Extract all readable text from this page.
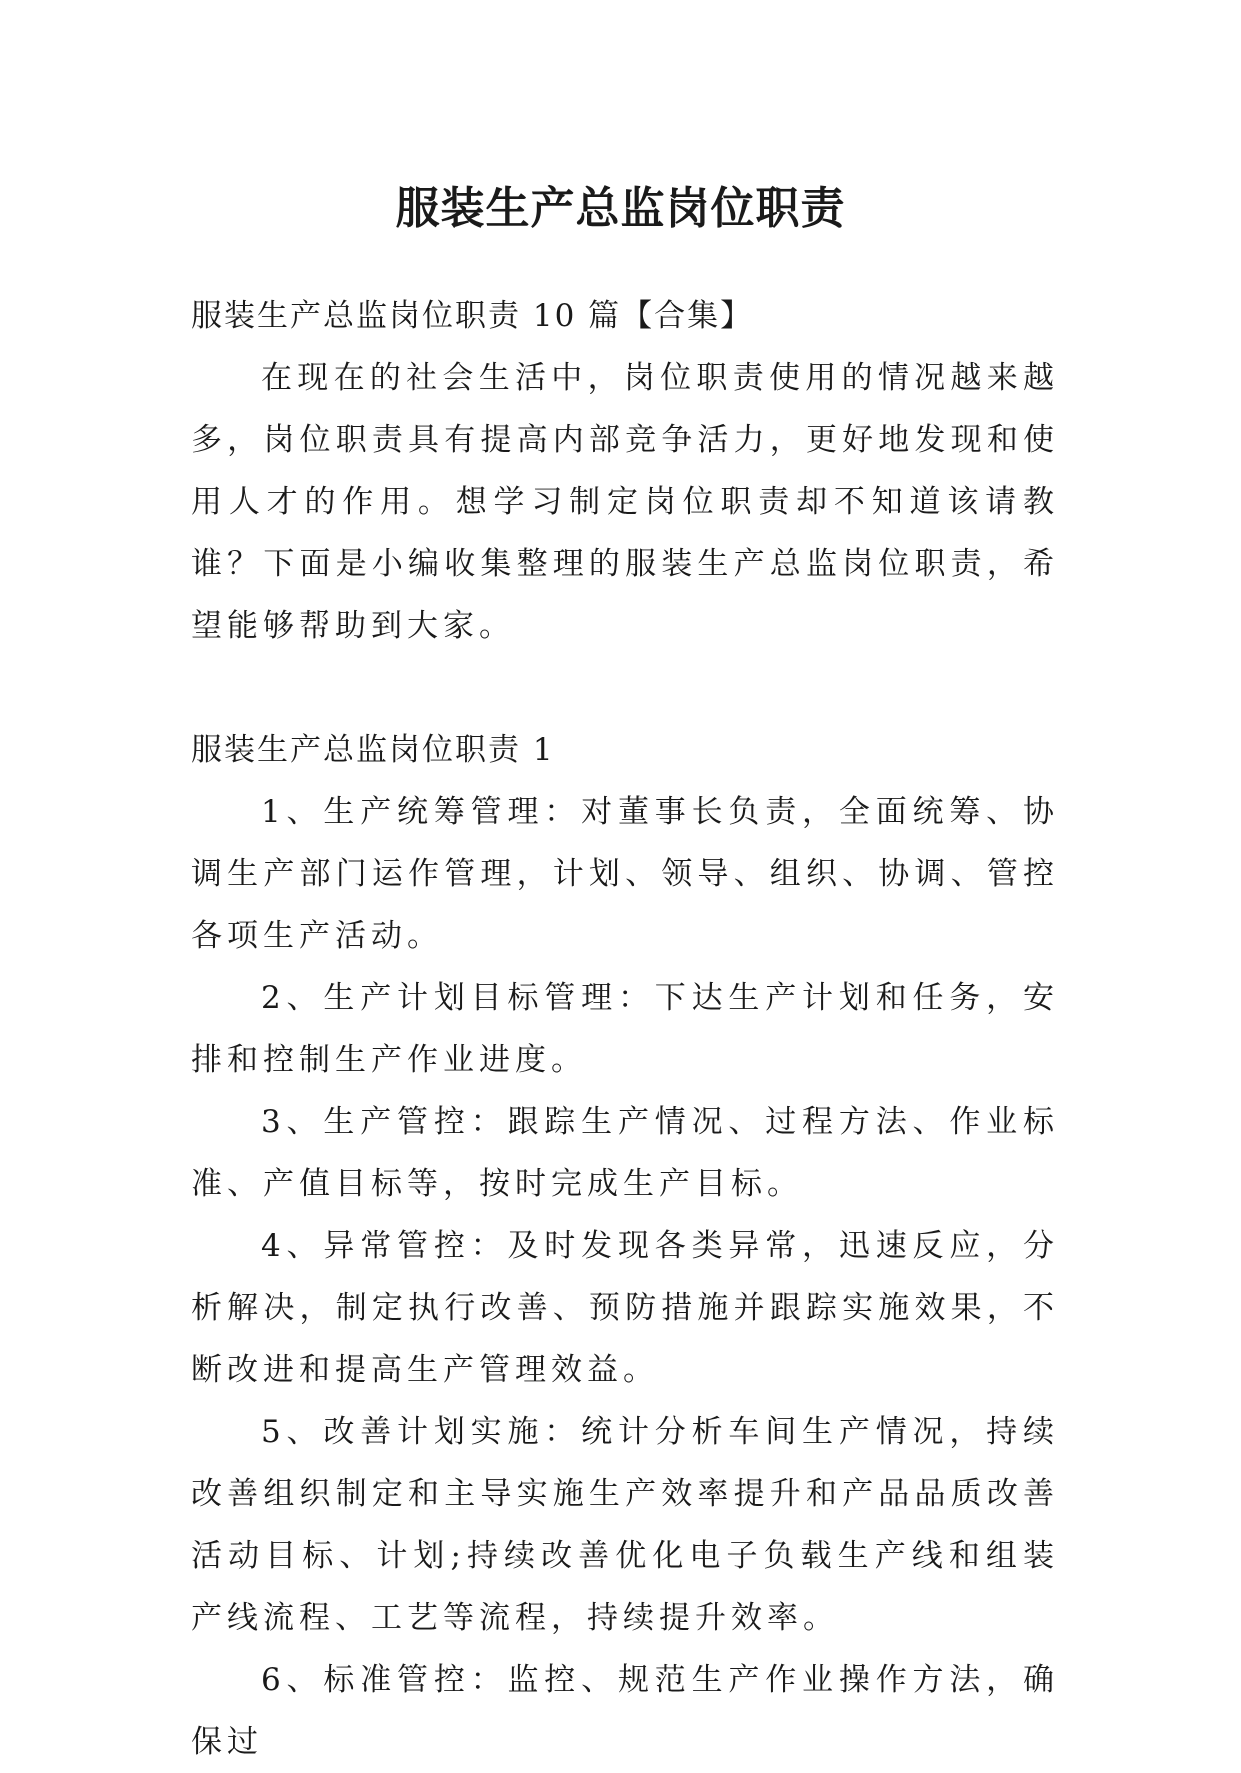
服装生产总监岗位职责

服装生产总监岗位职责 10 篇【合集】

在现在的社会生活中，岗位职责使用的情况越来越多，岗位职责具有提高内部竞争活力，更好地发现和使用人才的作用。想学习制定岗位职责却不知道该请教谁？下面是小编收集整理的服装生产总监岗位职责，希望能够帮助到大家。

服装生产总监岗位职责 1

1、生产统筹管理：对董事长负责，全面统筹、协调生产部门运作管理，计划、领导、组织、协调、管控各项生产活动。

2、生产计划目标管理：下达生产计划和任务，安排和控制生产作业进度。

3、生产管控：跟踪生产情况、过程方法、作业标准、产值目标等，按时完成生产目标。

4、异常管控：及时发现各类异常，迅速反应，分析解决，制定执行改善、预防措施并跟踪实施效果，不断改进和提高生产管理效益。

5、改善计划实施：统计分析车间生产情况，持续改善组织制定和主导实施生产效率提升和产品品质改善活动目标、计划;持续改善优化电子负载生产线和组装产线流程、工艺等流程，持续提升效率。

6、标准管控：监控、规范生产作业操作方法，确保过
